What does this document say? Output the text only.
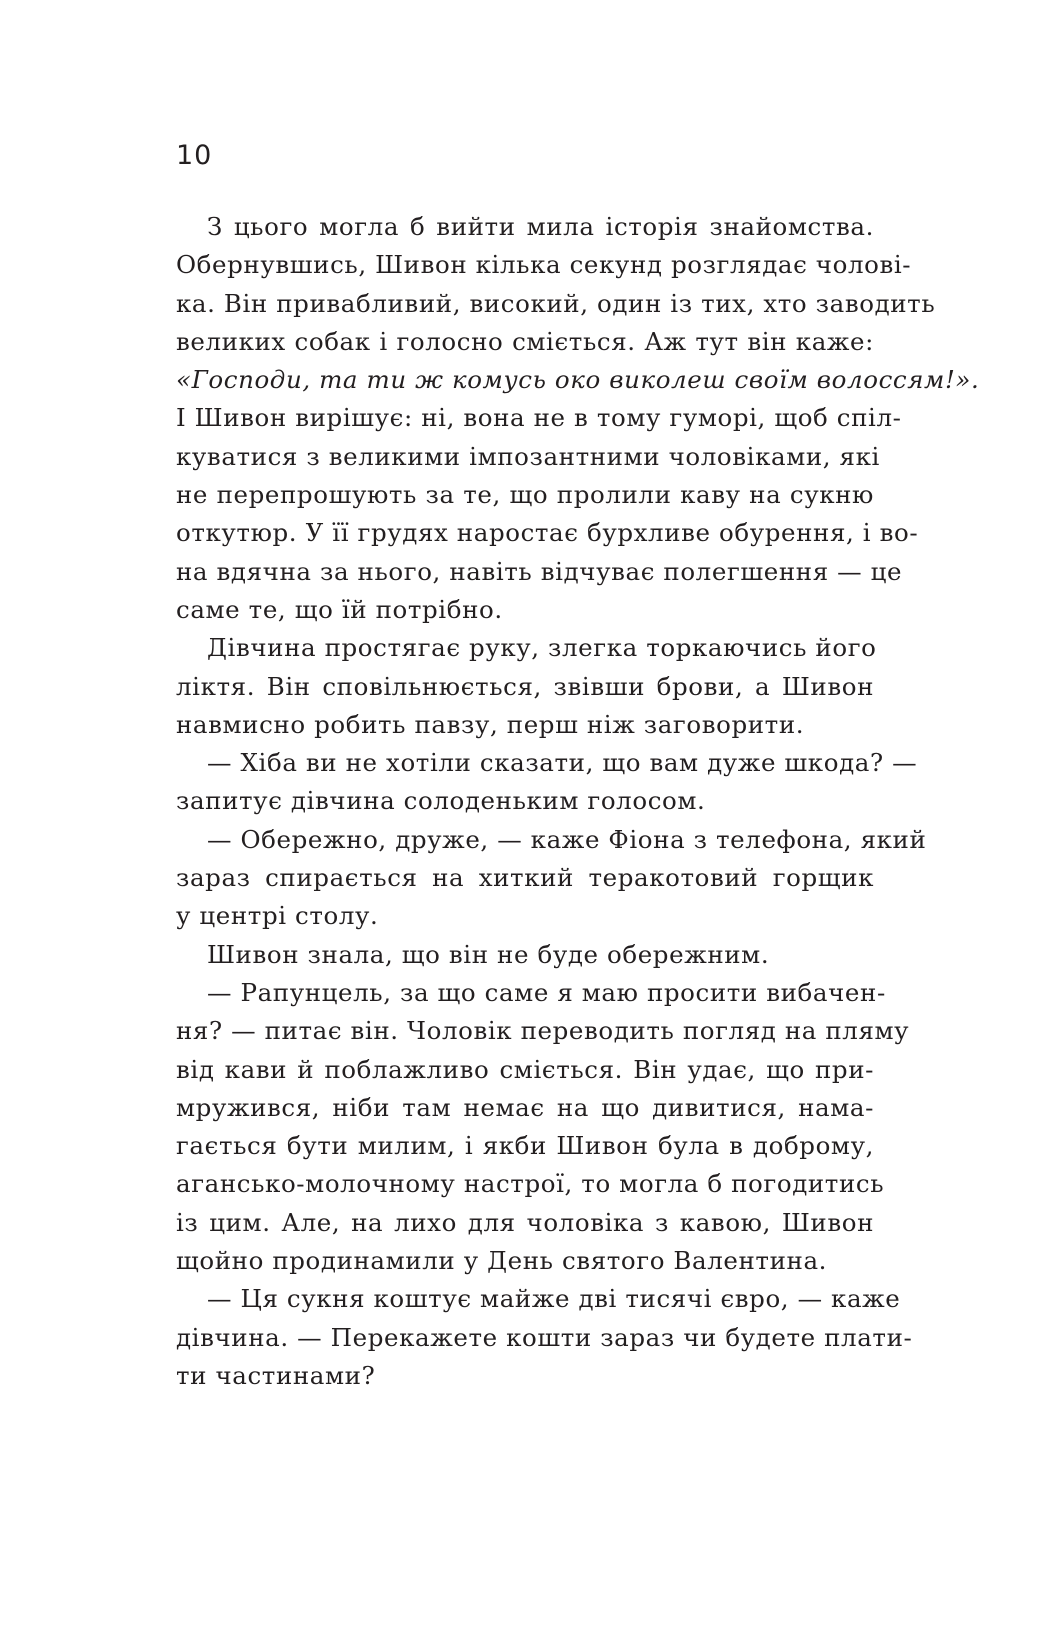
10
З цього могла б вийти мила історія знайомства.
Обернувшись, Шивон кілька секунд розглядає чолові-
ка. Він привабливий, високий, один із тих, хто заводить
великих собак і голосно сміється. Аж тут він каже:
«Господи, та ти ж комусь око виколеш своїм волоссям!».
І Шивон вирішує: ні, вона не в тому гуморі, щоб спіл-
куватися з великими імпозантними чоловіками, які
не перепрошують за те, що пролили каву на сукню
откутюр. У її грудях наростає бурхливе обурення, і во-
на вдячна за нього, навіть відчуває полегшення — це
саме те, що їй потрібно.
Дівчина простягає руку, злегка торкаючись його
ліктя. Він сповільнюється, звівши брови, а Шивон
навмисно робить павзу, перш ніж заговорити.
— Хіба ви не хотіли сказати, що вам дуже шкода? —
запитує дівчина солоденьким голосом.
— Обережно, друже, — каже Фіона з телефона, який
зараз спирається на хиткий теракотовий горщик
у центрі столу.
Шивон знала, що він не буде обережним.
— Рапунцель, за що саме я маю просити вибачен-
ня? — питає він. Чоловік переводить погляд на пляму
від кави й поблажливо сміється. Він удає, що при-
мружився, ніби там немає на що дивитися, нама-
гається бути милим, і якби Шивон була в доброму,
агансько-молочному настрої, то могла б погодитись
із цим. Але, на лихо для чоловіка з кавою, Шивон
щойно продинамили у День святого Валентина.
— Ця сукня коштує майже дві тисячі євро, — каже
дівчина. — Перекажете кошти зараз чи будете плати-
ти частинами?
